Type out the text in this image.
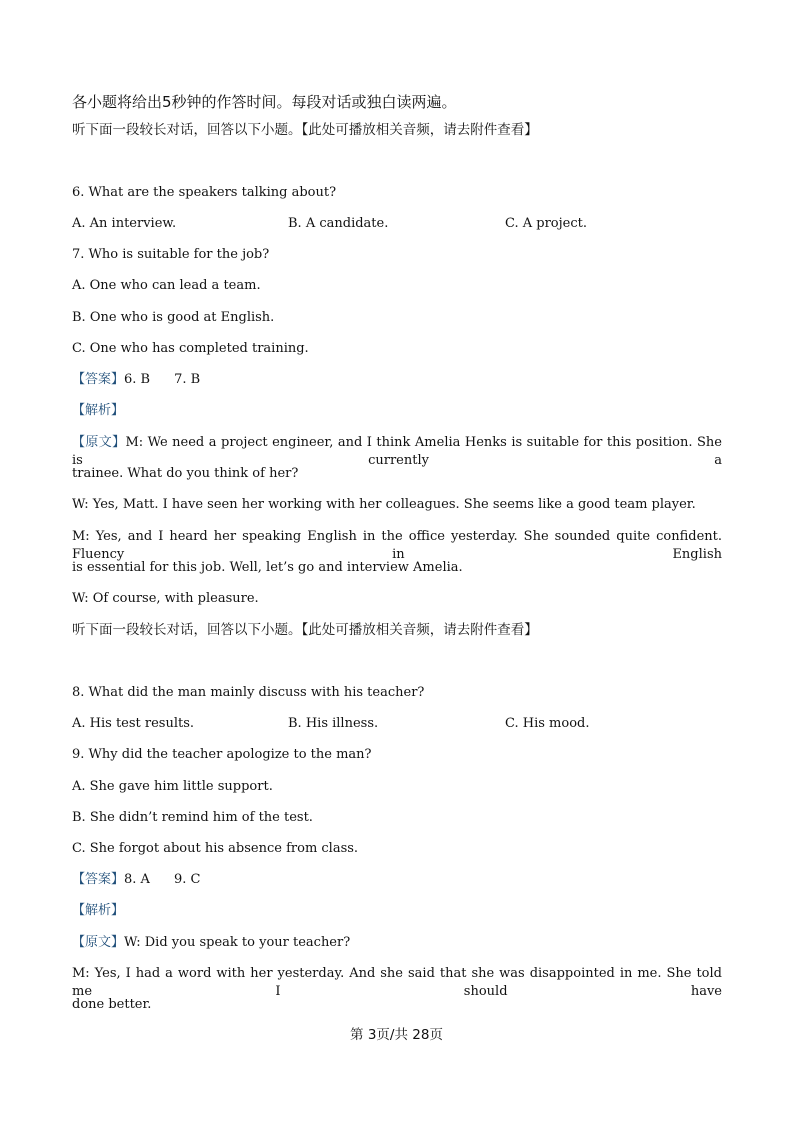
各小题将给出5秒钟的作答时间。每段对话或独白读两遍。
听下面一段较长对话，回答以下小题。【此处可播放相关音频，请去附件查看】
6. What are the speakers talking about?
A. An interview.	B. A candidate.	C. A project.
7. Who is suitable for the job?
A. One who can lead a team.
B. One who is good at English.
C. One who has completed training.
【答案】6. B 7. B
【解析】
【原文】M: We need a project engineer, and I think Amelia Henks is suitable for this position. She is currently a
trainee. What do you think of her?
W: Yes, Matt. I have seen her working with her colleagues. She seems like a good team player.
M: Yes, and I heard her speaking English in the office yesterday. She sounded quite confident. Fluency in English
is essential for this job. Well, let’s go and interview Amelia.
W: Of course, with pleasure.
听下面一段较长对话，回答以下小题。【此处可播放相关音频，请去附件查看】
8. What did the man mainly discuss with his teacher?
A. His test results.	B. His illness.	C. His mood.
9. Why did the teacher apologize to the man?
A. She gave him little support.
B. She didn’t remind him of the test.
C. She forgot about his absence from class.
【答案】8. A 9. C
【解析】
【原文】W: Did you speak to your teacher?
M: Yes, I had a word with her yesterday. And she said that she was disappointed in me. She told me I should have
done better.
第 3页/共 28页
